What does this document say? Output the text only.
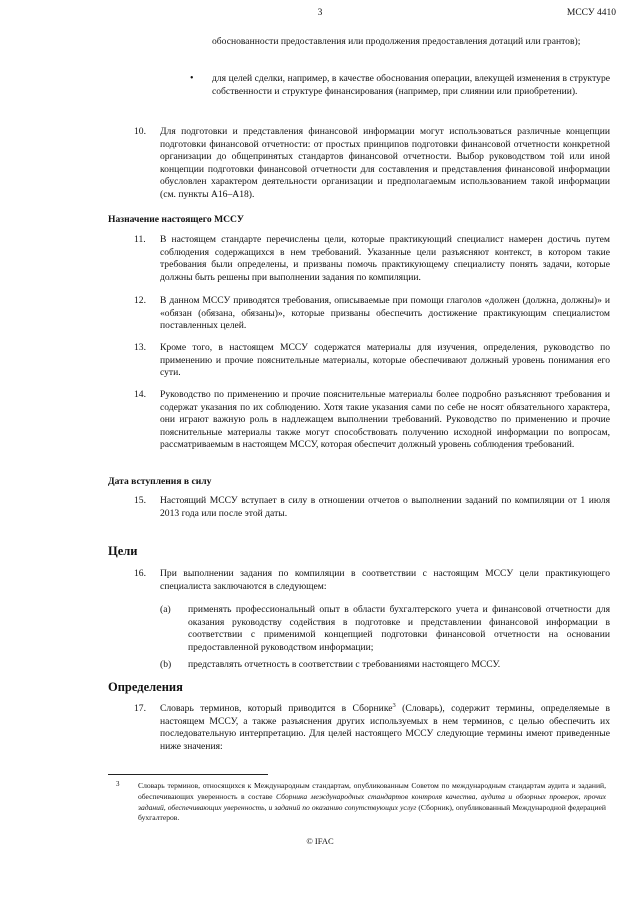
3	МССУ 4410

обоснованности предоставления или продолжения предоставления дотаций или грантов);

• для целей сделки, например, в качестве обоснования операции, влекущей изменения в структуре собственности и структуре финансирования (например, при слиянии или приобретении).

10. Для подготовки и представления финансовой информации могут использоваться различные концепции подготовки финансовой отчетности: от простых принципов подготовки финансовой отчетности конкретной организации до общепринятых стандартов финансовой отчетности. Выбор руководством той или иной концепции подготовки финансовой отчетности для составления и представления финансовой информации обусловлен характером деятельности организации и предполагаемым использованием такой информации (см. пункты А16–А18).

Назначение настоящего МССУ
11. В настоящем стандарте перечислены цели, которые практикующий специалист намерен достичь путем соблюдения содержащихся в нем требований. Указанные цели разъясняют контекст, в котором такие требования были определены, и призваны помочь практикующему специалисту понять задачи, которые должны быть решены при выполнении задания по компиляции.

12. В данном МССУ приводятся требования, описываемые при помощи глаголов «должен (должна, должны)» и «обязан (обязана, обязаны)», которые призваны обеспечить достижение практикующим специалистом поставленных целей.

13. Кроме того, в настоящем МССУ содержатся материалы для изучения, определения, руководство по применению и прочие пояснительные материалы, которые обеспечивают должный уровень понимания его сути.

14. Руководство по применению и прочие пояснительные материалы более подробно разъясняют требования и содержат указания по их соблюдению. Хотя такие указания сами по себе не носят обязательного характера, они играют важную роль в надлежащем выполнении требований. Руководство по применению и прочие пояснительные материалы также могут способствовать получению исходной информации по вопросам, рассматриваемым в настоящем МССУ, которая обеспечит должный уровень соблюдения требований.

Дата вступления в силу
15. Настоящий МССУ вступает в силу в отношении отчетов о выполнении заданий по компиляции от 1 июля 2013 года или после этой даты.

Цели
16. При выполнении задания по компиляции в соответствии с настоящим МССУ цели практикующего специалиста заключаются в следующем:

(a) применять профессиональный опыт в области бухгалтерского учета и финансовой отчетности для оказания руководству содействия в подготовке и представлении финансовой информации в соответствии с применимой концепцией подготовки финансовой отчетности на основании предоставленной руководством информации;

(b) представлять отчетность в соответствии с требованиями настоящего МССУ.

Определения
17. Словарь терминов, который приводится в Сборнике$^3$ (Словарь), содержит термины, определяемые в настоящем МССУ, а также разъяснения других используемых в нем терминов, с целью обеспечить их последовательную интерпретацию. Для целей настоящего МССУ следующие термины имеют приведенные ниже значения:

3 Словарь терминов, относящихся к Международным стандартам, опубликованным Советом по международным стандартам аудита и заданий, обеспечивающих уверенность в составе Сборника международных стандартов контроля качества, аудита и обзорных проверок, прочих заданий, обеспечивающих уверенность, и заданий по оказанию сопутствующих услуг (Сборник), опубликованный Международной федерацией бухгалтеров.
© IFAC
